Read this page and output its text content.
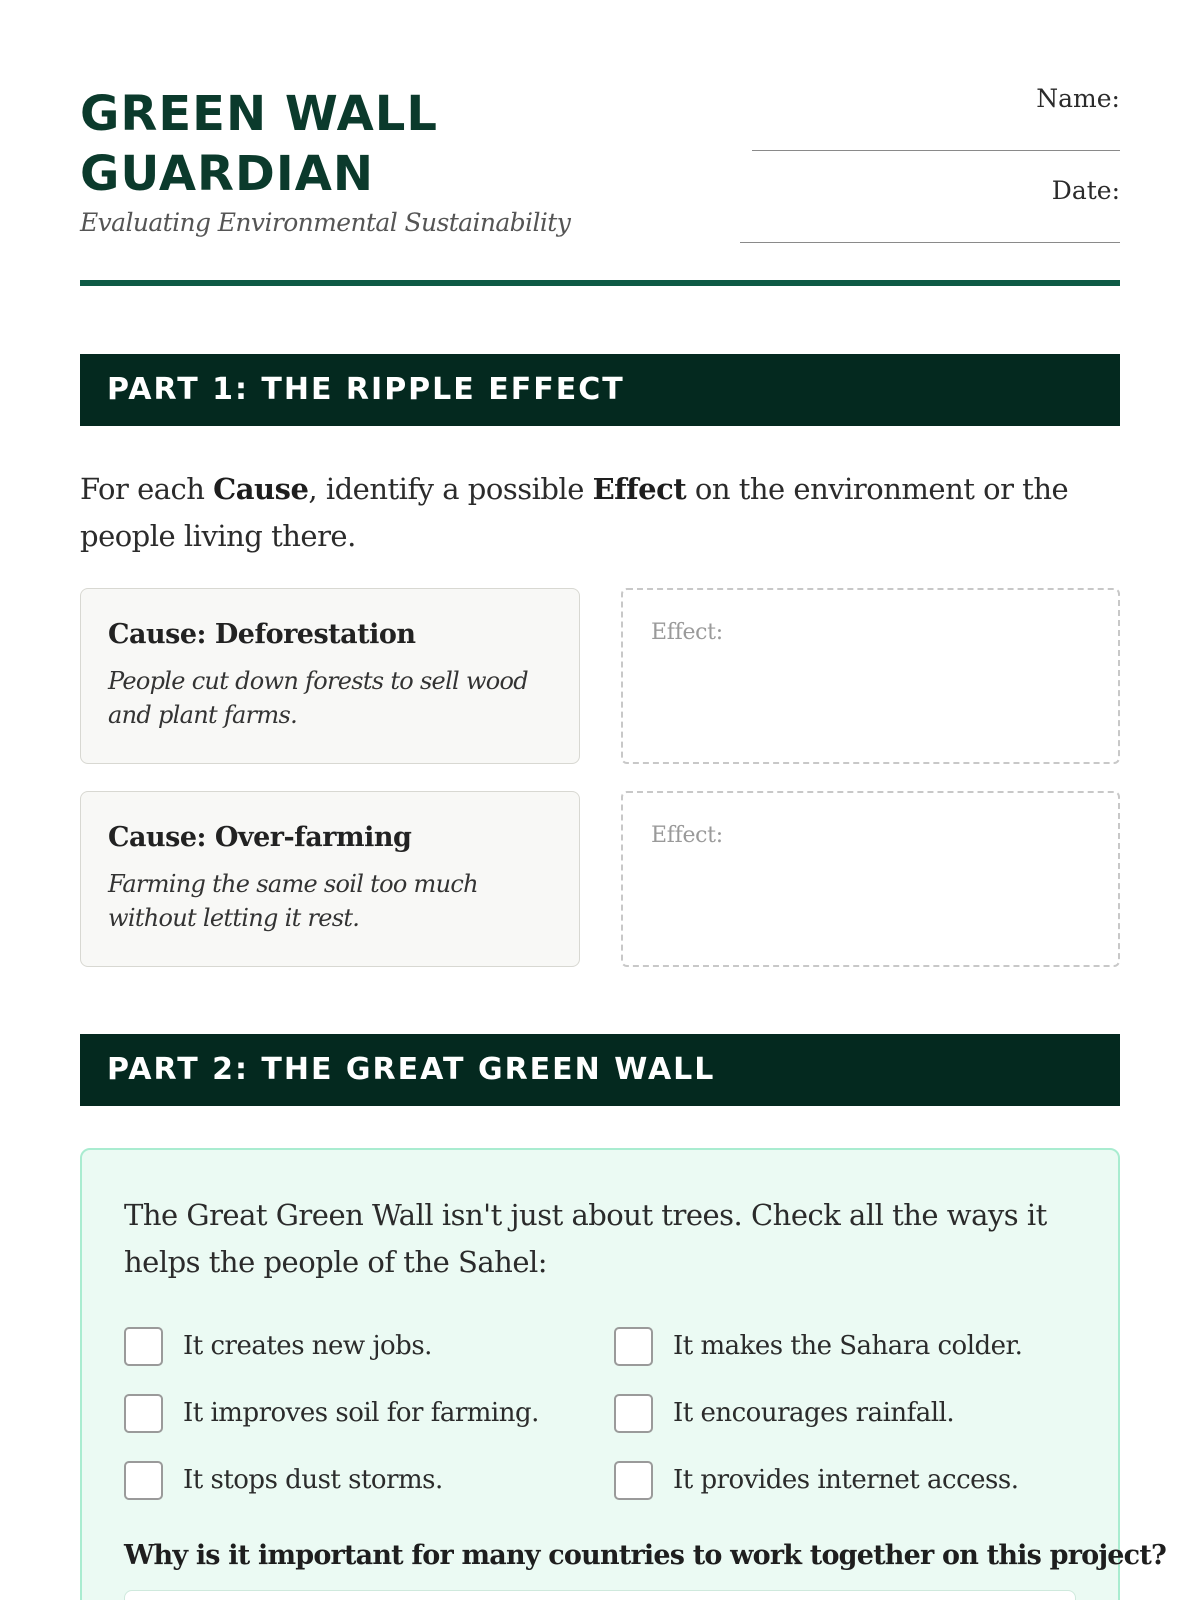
GREEN WALL GUARDIAN
Evaluating Environmental Sustainability
Name:
Date:
PART 1: THE RIPPLE EFFECT

For each Cause, identify a possible Effect on the environment or the people living there.

Cause: Deforestation
People cut down forests to sell wood and plant farms.
Effect:
Cause: Over-farming
Farming the same soil too much without letting it rest.
Effect:
PART 2: THE GREAT GREEN WALL

The Great Green Wall isn't just about trees. Check all the ways it helps the people of the Sahel:

It creates new jobs.	It makes the Sahara colder.
It improves soil for farming.	It encourages rainfall.
It stops dust storms.	It provides internet access.
Why is it important for many countries to work together on this project?
